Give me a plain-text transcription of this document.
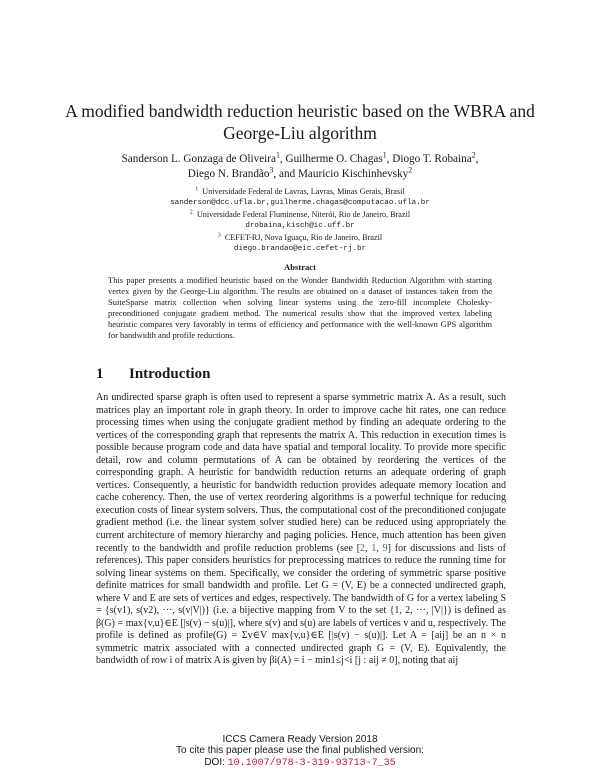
A modified bandwidth reduction heuristic based on the WBRA and George-Liu algorithm
Sanderson L. Gonzaga de Oliveira$^1$, Guilherme O. Chagas$^1$, Diogo T. Robaina$^2$,
Diego N. Brandão$^3$, and Mauricio Kischinhevsky$^2$
$^1$ Universidade Federal de Lavras, Lavras, Minas Gerais, Brasil
sanderson@dcc.ufla.br,guilherme.chagas@computacao.ufla.br
$^2$ Universidade Federal Fluminense, Niterói, Rio de Janeiro, Brazil
drobaina,kisch@ic.uff.br
$^3$ CEFET-RJ, Nova Iguaçu, Rio de Janeiro, Brazil
diego.brandao@eic.cefet-rj.br
Abstract
This paper presents a modified heuristic based on the Wonder Bandwidth Reduction Algorithm with starting vertex given by the George-Liu algorithm. The results are obtained on a dataset of instances taken from the SuiteSparse matrix collection when solving linear systems using the zero-fill incomplete Cholesky-preconditioned conjugate gradient method. The numerical results show that the improved vertex labeling heuristic compares very favorably in terms of efficiency and performance with the well-known GPS algorithm for bandwidth and profile reductions.
1 Introduction
An undirected sparse graph is often used to represent a sparse symmetric matrix A. As a result, such matrices play an important role in graph theory. In order to improve cache hit rates, one can reduce processing times when using the conjugate gradient method by finding an adequate ordering to the vertices of the corresponding graph that represents the matrix A. This reduction in execution times is possible because program code and data have spatial and temporal locality. To provide more specific detail, row and column permutations of A can be obtained by reordering the vertices of the corresponding graph. A heuristic for bandwidth reduction returns an adequate ordering of graph vertices. Consequently, a heuristic for bandwidth reduction provides adequate memory location and cache coherency. Then, the use of vertex reordering algorithms is a powerful technique for reducing execution costs of linear system solvers. Thus, the computational cost of the preconditioned conjugate gradient method (i.e. the linear system solver studied here) can be reduced using appropriately the current architecture of memory hierarchy and paging policies. Hence, much attention has been given recently to the bandwidth and profile reduction problems (see [2, 1, 9] for discussions and lists of references). This paper considers heuristics for preprocessing matrices to reduce the running time for solving linear systems on them. Specifically, we consider the ordering of symmetric sparse positive definite matrices for small bandwidth and profile. Let G = (V, E) be a connected undirected graph, where V and E are sets of vertices and edges, respectively. The bandwidth of G for a vertex labeling S = {s(v1), s(v2), ···, s(v|V|)} (i.e. a bijective mapping from V to the set {1, 2, ···, |V|}) is defined as β(G) = max{v,u}∈E [|s(v) − s(u)|], where s(v) and s(u) are labels of vertices v and u, respectively. The profile is defined as profile(G) = Σv∈V max{v,u}∈E [|s(v) − s(u)|]. Let A = [aij] be an n × n symmetric matrix associated with a connected undirected graph G = (V, E). Equivalently, the bandwidth of row i of matrix A is given by βi(A) = i − min1≤j<i [j : aij ≠ 0], noting that aij
ICCS Camera Ready Version 2018
To cite this paper please use the final published version:
DOI: 10.1007/978-3-319-93713-7_35
